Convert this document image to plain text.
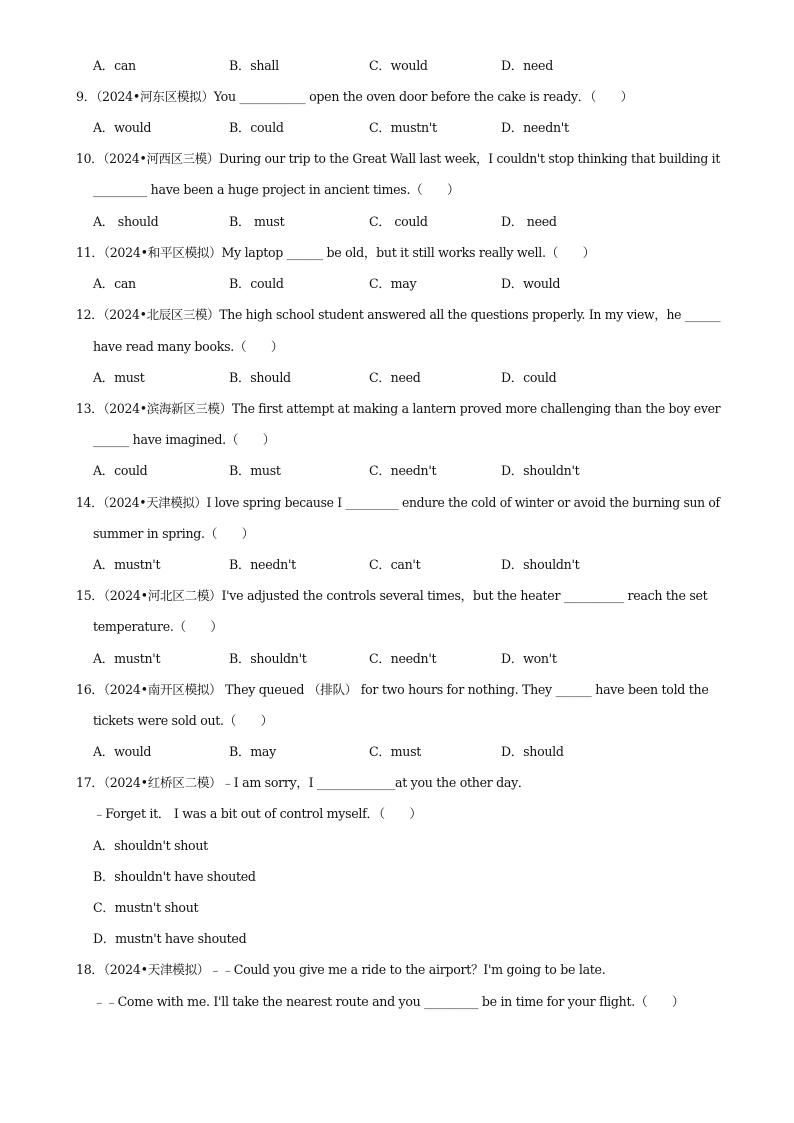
A．can	B．shall	C．would	D．need
9．（2024•河东区模拟）You ___________ open the oven door before the cake is ready．（　　）
A．would	B．could	C．mustn't	D．needn't
10．（2024•河西区三模）During our trip to the Great Wall last week，I couldn't stop thinking that building it
_________ have been a huge project in ancient times.（　　）
A． should	B． must	C． could	D． need
11．（2024•和平区模拟）My laptop ______ be old，but it still works really well.（　　）
A．can	B．could	C．may	D．would
12．（2024•北辰区三模）The high school student answered all the questions properly. In my view，he ______
have read many books.（　　）
A．must	B．should	C．need	D．could
13．（2024•滨海新区三模）The first attempt at making a lantern proved more challenging than the boy ever
______ have imagined.（　　）
A．could	B．must	C．needn't	D．shouldn't
14．（2024•天津模拟）I love spring because I _________ endure the cold of winter or avoid the burning sun of
summer in spring.（　　）
A．mustn't	B．needn't	C．can't	D．shouldn't
15．（2024•河北区二模）I've adjusted the controls several times，but the heater __________ reach the set
temperature.（　　）
A．mustn't	B．shouldn't	C．needn't	D．won't
16．（2024•南开区模拟） They queued （排队） for two hours for nothing. They ______ have been told the
tickets were sold out.（　　）
A．would	B．may	C．must	D．should
17．（2024•红桥区二模）﹣I am sorry，I _____________at you the other day．
﹣Forget it． I was a bit out of control myself．（　　）
A．shouldn't shout
B．shouldn't have shouted
C．mustn't shout
D．mustn't have shouted
18．（2024•天津模拟）﹣﹣Could you give me a ride to the airport？I'm going to be late.
﹣﹣Come with me. I'll take the nearest route and you _________ be in time for your flight.（　　）
